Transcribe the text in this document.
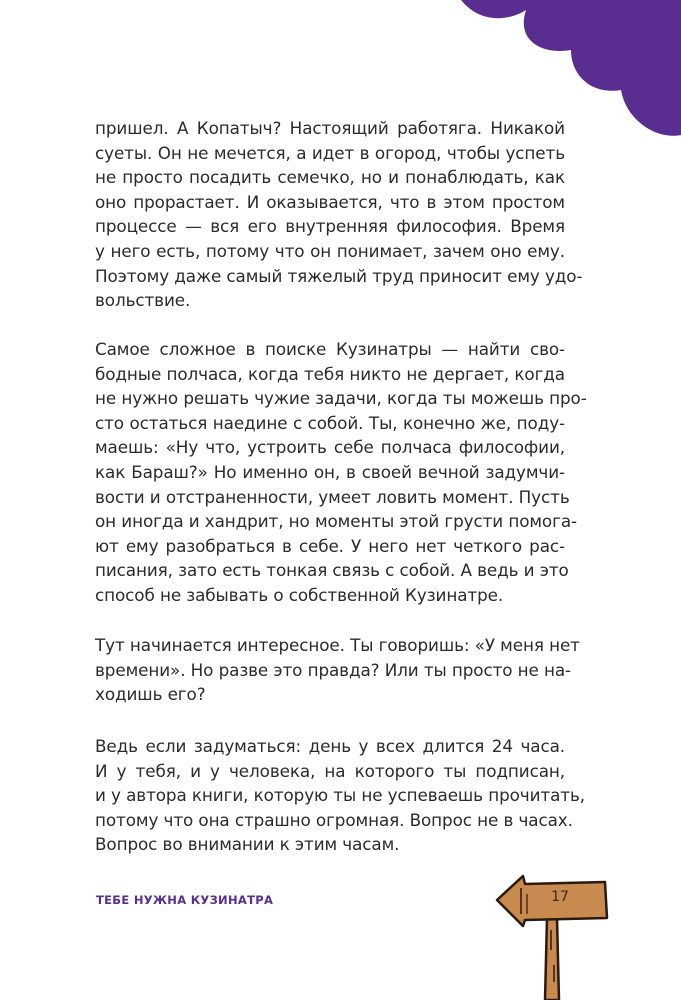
пришел. А Копатыч? Настоящий работяга. Никакой
суеты. Он не мечется, а идет в огород, чтобы успеть
не просто посадить семечко, но и понаблюдать, как
оно прорастает. И оказывается, что в этом простом
процессе — вся его внутренняя философия. Время
у него есть, потому что он понимает, зачем оно ему.
Поэтому даже самый тяжелый труд приносит ему удо-
вольствие.
Самое сложное в поиске Кузинатры — найти сво-
бодные полчаса, когда тебя никто не дергает, когда
не нужно решать чужие задачи, когда ты можешь про-
сто остаться наедине с собой. Ты, конечно же, поду-
маешь: «Ну что, устроить себе полчаса философии,
как Бараш?» Но именно он, в своей вечной задумчи-
вости и отстраненности, умеет ловить момент. Пусть
он иногда и хандрит, но моменты этой грусти помога-
ют ему разобраться в себе. У него нет четкого рас-
писания, зато есть тонкая связь с собой. А ведь и это
способ не забывать о собственной Кузинатре.
Тут начинается интересное. Ты говоришь: «У меня нет
времени». Но разве это правда? Или ты просто не на-
ходишь его?
Ведь если задуматься: день у всех длится 24 часа.
И у тебя, и у человека, на которого ты подписан,
и у автора книги, которую ты не успеваешь прочитать,
потому что она страшно огромная. Вопрос не в часах.
Вопрос во внимании к этим часам.
ТЕБЕ НУЖНА КУЗИНАТРА	17
